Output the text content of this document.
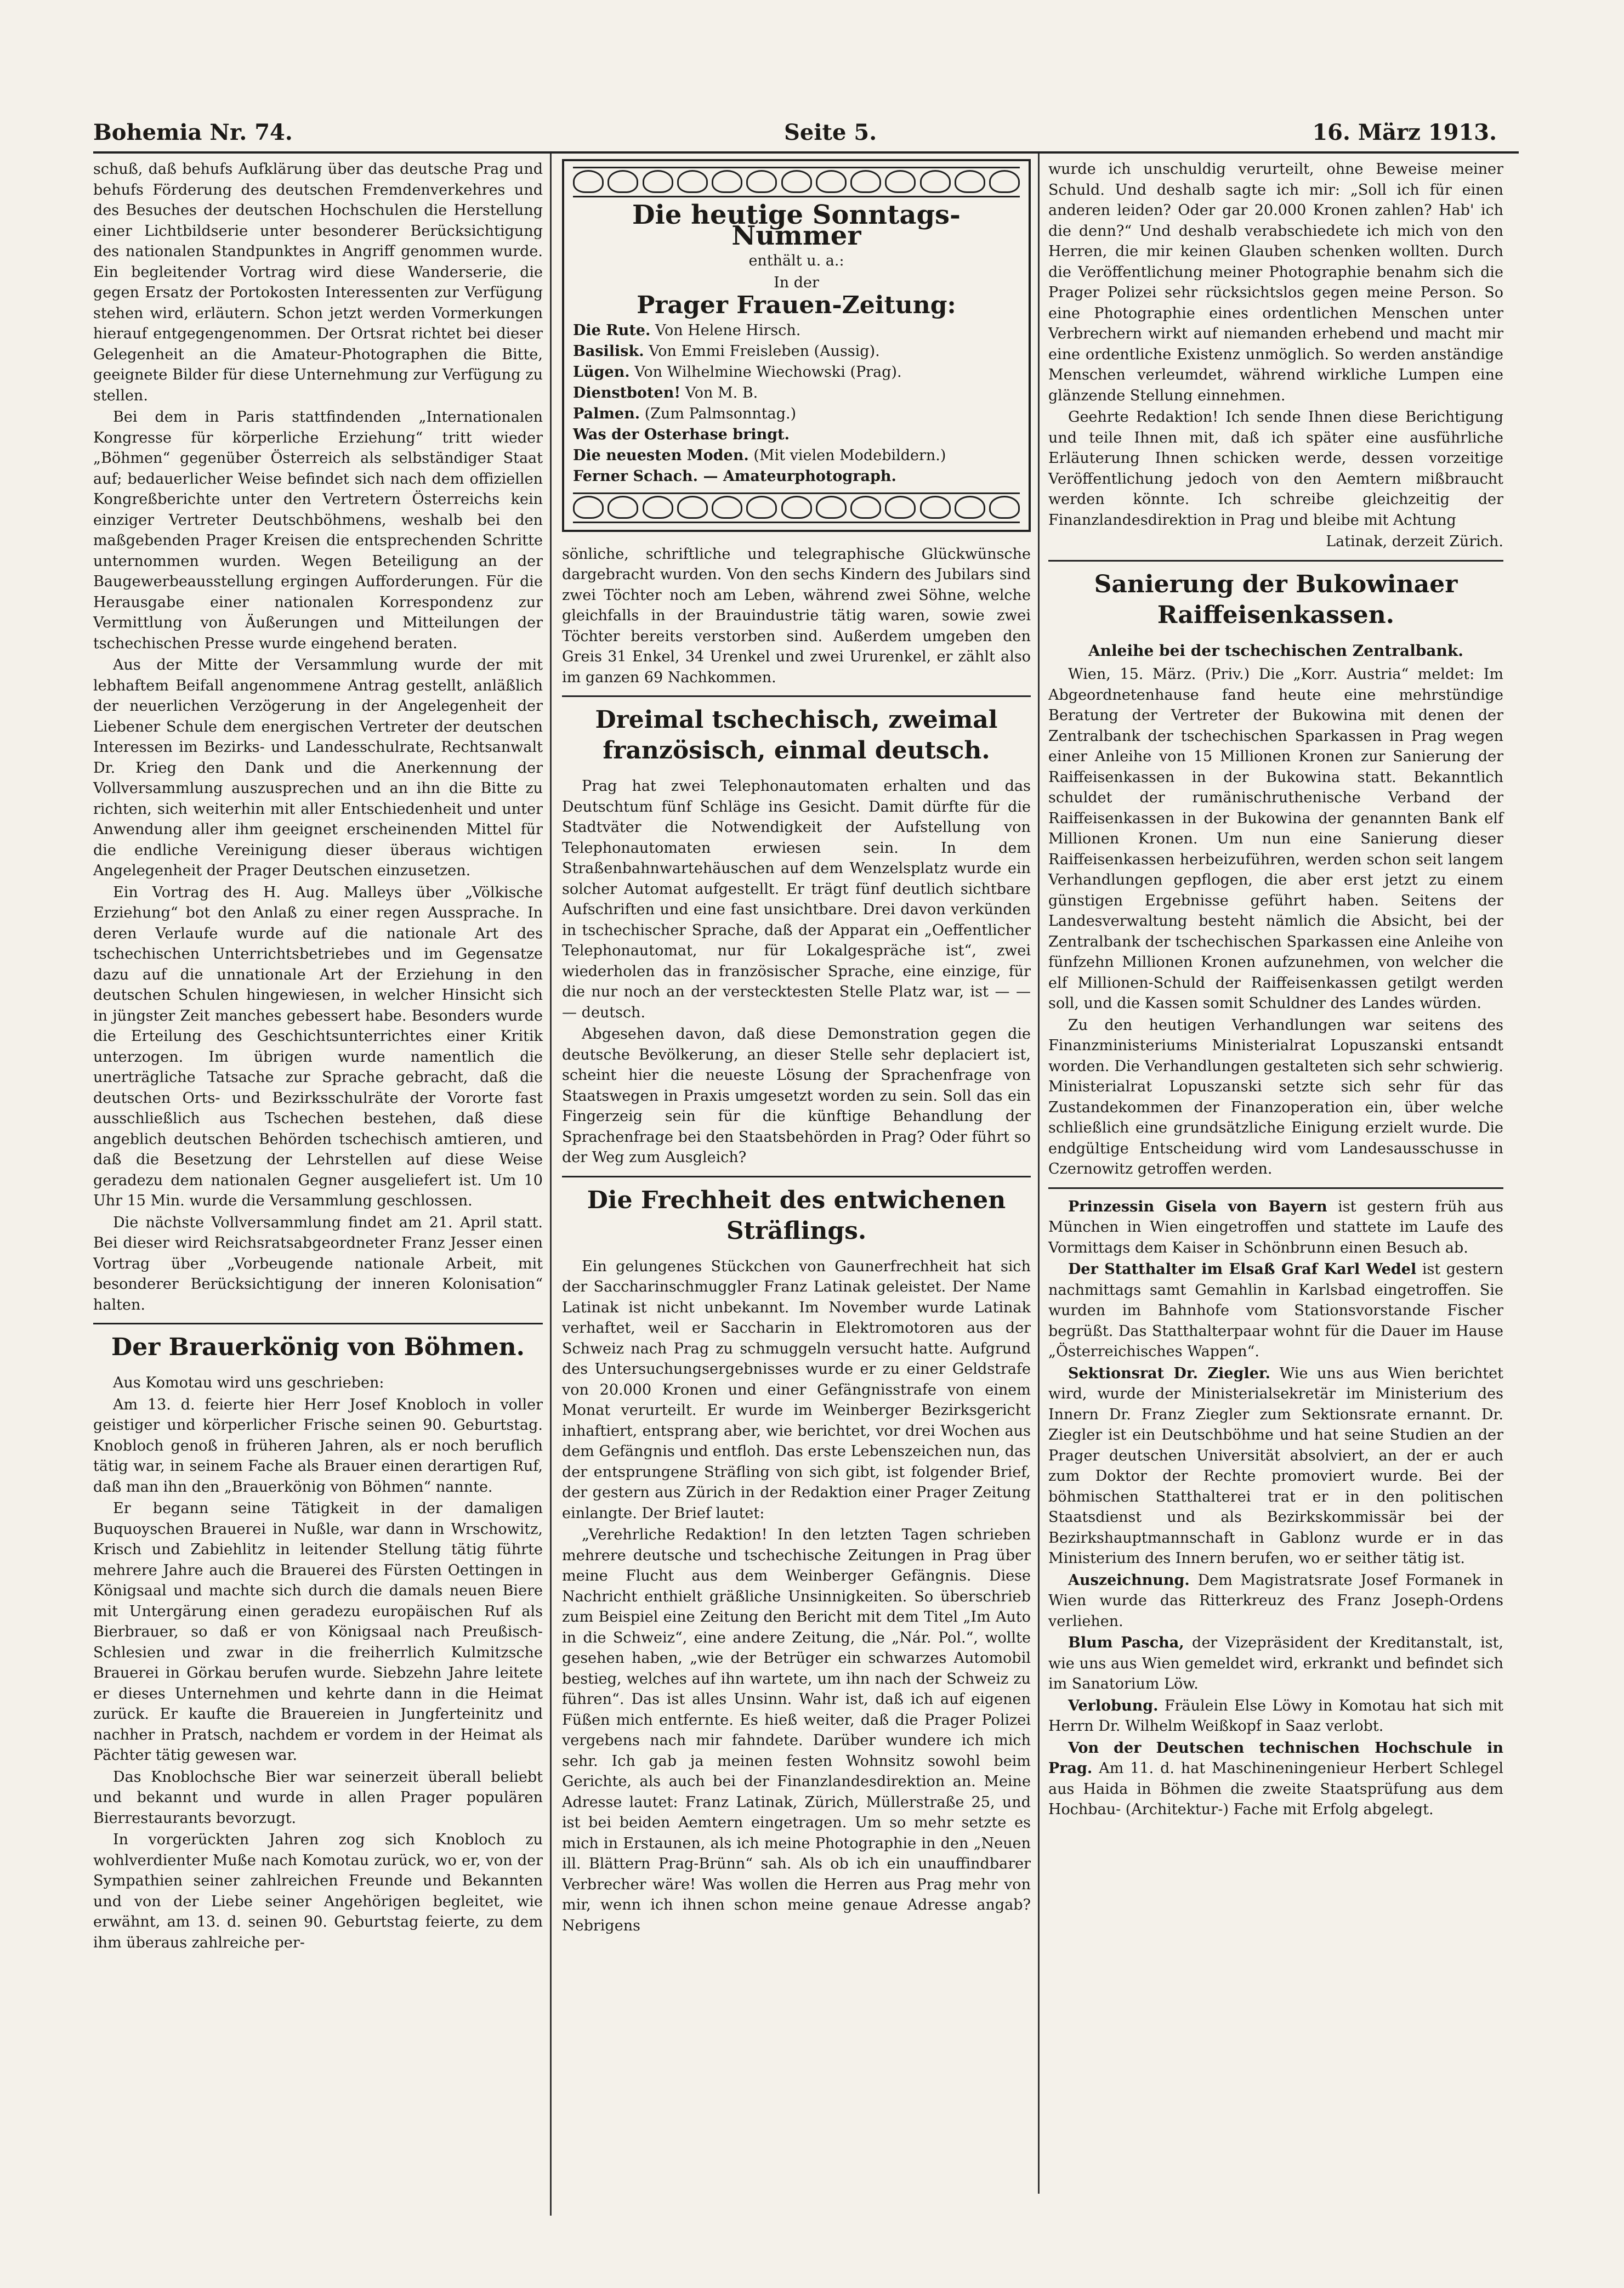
Bohemia Nr. 74.	Seite 5.	16. März 1913.

schuß, daß behufs Aufklärung über das deutsche Prag und behufs Förderung des deutschen Fremdenverkehres und des Besuches der deutschen Hochschulen die Herstellung einer Lichtbildserie unter besonderer Berücksichtigung des nationalen Standpunktes in Angriff genommen wurde. Ein begleitender Vortrag wird diese Wanderserie, die gegen Ersatz der Portokosten Interessenten zur Verfügung stehen wird, erläutern. Schon jetzt werden Vormerkungen hierauf entgegengenommen. Der Ortsrat richtet bei dieser Gelegenheit an die Amateur-Photographen die Bitte, geeignete Bilder für diese Unternehmung zur Verfügung zu stellen.

Bei dem in Paris stattfindenden „Internationalen Kongresse für körperliche Erziehung“ tritt wieder „Böhmen“ gegenüber Österreich als selbständiger Staat auf; bedauerlicher Weise befindet sich nach dem offiziellen Kongreßberichte unter den Vertretern Österreichs kein einziger Vertreter Deutschböhmens, weshalb bei den maßgebenden Prager Kreisen die entsprechenden Schritte unternommen wurden. Wegen Beteiligung an der Baugewerbeausstellung ergingen Aufforderungen. Für die Herausgabe einer nationalen Korrespondenz zur Vermittlung von Äußerungen und Mitteilungen der tschechischen Presse wurde eingehend beraten.

Aus der Mitte der Versammlung wurde der mit lebhaftem Beifall angenommene Antrag gestellt, anläßlich der neuerlichen Verzögerung in der Angelegenheit der Liebener Schule dem energischen Vertreter der deutschen Interessen im Bezirks- und Landesschulrate, Rechtsanwalt Dr. Krieg den Dank und die Anerkennung der Vollversammlung auszusprechen und an ihn die Bitte zu richten, sich weiterhin mit aller Entschiedenheit und unter Anwendung aller ihm geeignet erscheinenden Mittel für die endliche Vereinigung dieser überaus wichtigen Angelegenheit der Prager Deutschen einzusetzen.

Ein Vortrag des H. Aug. Malleys über „Völkische Erziehung“ bot den Anlaß zu einer regen Aussprache. In deren Verlaufe wurde auf die nationale Art des tschechischen Unterrichtsbetriebes und im Gegensatze dazu auf die unnationale Art der Erziehung in den deutschen Schulen hingewiesen, in welcher Hinsicht sich in jüngster Zeit manches gebessert habe. Besonders wurde die Erteilung des Geschichtsunterrichtes einer Kritik unterzogen. Im übrigen wurde namentlich die unerträgliche Tatsache zur Sprache gebracht, daß die deutschen Orts- und Bezirksschulräte der Vororte fast ausschließlich aus Tschechen bestehen, daß diese angeblich deutschen Behörden tschechisch amtieren, und daß die Besetzung der Lehrstellen auf diese Weise geradezu dem nationalen Gegner ausgeliefert ist. Um 10 Uhr 15 Min. wurde die Versammlung geschlossen.

Die nächste Vollversammlung findet am 21. April statt. Bei dieser wird Reichsratsabgeordneter Franz Jesser einen Vortrag über „Vorbeugende nationale Arbeit, mit besonderer Berücksichtigung der inneren Kolonisation“ halten.

Der Brauerkönig von Böhmen.

Aus Komotau wird uns geschrieben:

Am 13. d. feierte hier Herr Josef Knobloch in voller geistiger und körperlicher Frische seinen 90. Geburtstag. Knobloch genoß in früheren Jahren, als er noch beruflich tätig war, in seinem Fache als Brauer einen derartigen Ruf, daß man ihn den „Brauerkönig von Böhmen“ nannte.

Er begann seine Tätigkeit in der damaligen Buquoyschen Brauerei in Nußle, war dann in Wrschowitz, Krisch und Zabiehlitz in leitender Stellung tätig führte mehrere Jahre auch die Brauerei des Fürsten Oettingen in Königsaal und machte sich durch die damals neuen Biere mit Untergärung einen geradezu europäischen Ruf als Bierbrauer, so daß er von Königsaal nach Preußisch-Schlesien und zwar in die freiherrlich Kulmitzsche Brauerei in Görkau berufen wurde. Siebzehn Jahre leitete er dieses Unternehmen und kehrte dann in die Heimat zurück. Er kaufte die Brauereien in Jungferteinitz und nachher in Pratsch, nachdem er vordem in der Heimat als Pächter tätig gewesen war.

Das Knoblochsche Bier war seinerzeit überall beliebt und bekannt und wurde in allen Prager populären Bierrestaurants bevorzugt.

In vorgerückten Jahren zog sich Knobloch zu wohlverdienter Muße nach Komotau zurück, wo er, von der Sympathien seiner zahlreichen Freunde und Bekannten und von der Liebe seiner Angehörigen begleitet, wie erwähnt, am 13. d. seinen 90. Geburtstag feierte, zu dem ihm überaus zahlreiche per-

Die heutige Sonntags-Nummer
enthält u. a.:
In der
Prager Frauen-Zeitung:
Die Rute. Von Helene Hirsch.
Basilisk. Von Emmi Freisleben (Aussig).
Lügen. Von Wilhelmine Wiechowski (Prag).
Dienstboten! Von M. B.
Palmen. (Zum Palmsonntag.)
Was der Osterhase bringt.
Die neuesten Moden. (Mit vielen Modebildern.)
Ferner Schach. — Amateurphotograph.

sönliche, schriftliche und telegraphische Glückwünsche dargebracht wurden. Von den sechs Kindern des Jubilars sind zwei Töchter noch am Leben, während zwei Söhne, welche gleichfalls in der Brauindustrie tätig waren, sowie zwei Töchter bereits verstorben sind. Außerdem umgeben den Greis 31 Enkel, 34 Urenkel und zwei Ururenkel, er zählt also im ganzen 69 Nachkommen.

Dreimal tschechisch, zweimal französisch, einmal deutsch.

Prag hat zwei Telephonautomaten erhalten und das Deutschtum fünf Schläge ins Gesicht. Damit dürfte für die Stadtväter die Notwendigkeit der Aufstellung von Telephonautomaten erwiesen sein. In dem Straßenbahnwartehäuschen auf dem Wenzelsplatz wurde ein solcher Automat aufgestellt. Er trägt fünf deutlich sichtbare Aufschriften und eine fast unsichtbare. Drei davon verkünden in tschechischer Sprache, daß der Apparat ein „Oeffentlicher Telephonautomat, nur für Lokalgespräche ist“, zwei wiederholen das in französischer Sprache, eine einzige, für die nur noch an der verstecktesten Stelle Platz war, ist — — — deutsch.

Abgesehen davon, daß diese Demonstration gegen die deutsche Bevölkerung, an dieser Stelle sehr deplaciert ist, scheint hier die neueste Lösung der Sprachenfrage von Staatswegen in Praxis umgesetzt worden zu sein. Soll das ein Fingerzeig sein für die künftige Behandlung der Sprachenfrage bei den Staatsbehörden in Prag? Oder führt so der Weg zum Ausgleich?

Die Frechheit des entwichenen Sträflings.

Ein gelungenes Stückchen von Gaunerfrechheit hat sich der Saccharinschmuggler Franz Latinak geleistet. Der Name Latinak ist nicht unbekannt. Im November wurde Latinak verhaftet, weil er Saccharin in Elektromotoren aus der Schweiz nach Prag zu schmuggeln versucht hatte. Aufgrund des Untersuchungsergebnisses wurde er zu einer Geldstrafe von 20.000 Kronen und einer Gefängnisstrafe von einem Monat verurteilt. Er wurde im Weinberger Bezirksgericht inhaftiert, entsprang aber, wie berichtet, vor drei Wochen aus dem Gefängnis und entfloh. Das erste Lebenszeichen nun, das der entsprungene Sträfling von sich gibt, ist folgender Brief, der gestern aus Zürich in der Redaktion einer Prager Zeitung einlangte. Der Brief lautet:

„Verehrliche Redaktion! In den letzten Tagen schrieben mehrere deutsche und tschechische Zeitungen in Prag über meine Flucht aus dem Weinberger Gefängnis. Diese Nachricht enthielt gräßliche Unsinnigkeiten. So überschrieb zum Beispiel eine Zeitung den Bericht mit dem Titel „Im Auto in die Schweiz“, eine andere Zeitung, die „Nár. Pol.“, wollte gesehen haben, „wie der Betrüger ein schwarzes Automobil bestieg, welches auf ihn wartete, um ihn nach der Schweiz zu führen“. Das ist alles Unsinn. Wahr ist, daß ich auf eigenen Füßen mich entfernte. Es hieß weiter, daß die Prager Polizei vergebens nach mir fahndete. Darüber wundere ich mich sehr. Ich gab ja meinen festen Wohnsitz sowohl beim Gerichte, als auch bei der Finanzlandesdirektion an. Meine Adresse lautet: Franz Latinak, Zürich, Müllerstraße 25, und ist bei beiden Aemtern eingetragen. Um so mehr setzte es mich in Erstaunen, als ich meine Photographie in den „Neuen ill. Blättern Prag-Brünn“ sah. Als ob ich ein unauffindbarer Verbrecher wäre! Was wollen die Herren aus Prag mehr von mir, wenn ich ihnen schon meine genaue Adresse angab? Nebrigens

wurde ich unschuldig verurteilt, ohne Beweise meiner Schuld. Und deshalb sagte ich mir: „Soll ich für einen anderen leiden? Oder gar 20.000 Kronen zahlen? Hab' ich die denn?“ Und deshalb verabschiedete ich mich von den Herren, die mir keinen Glauben schenken wollten. Durch die Veröffentlichung meiner Photographie benahm sich die Prager Polizei sehr rücksichtslos gegen meine Person. So eine Photographie eines ordentlichen Menschen unter Verbrechern wirkt auf niemanden erhebend und macht mir eine ordentliche Existenz unmöglich. So werden anständige Menschen verleumdet, während wirkliche Lumpen eine glänzende Stellung einnehmen.

Geehrte Redaktion! Ich sende Ihnen diese Berichtigung und teile Ihnen mit, daß ich später eine ausführliche Erläuterung Ihnen schicken werde, dessen vorzeitige Veröffentlichung jedoch von den Aemtern mißbraucht werden könnte. Ich schreibe gleichzeitig der Finanzlandesdirektion in Prag und bleibe mit Achtung

Latinak, derzeit Zürich.

Sanierung der Bukowinaer Raiffeisenkassen.
Anleihe bei der tschechischen Zentralbank.

Wien, 15. März. (Priv.) Die „Korr. Austria“ meldet: Im Abgeordnetenhause fand heute eine mehrstündige Beratung der Vertreter der Bukowina mit denen der Zentralbank der tschechischen Sparkassen in Prag wegen einer Anleihe von 15 Millionen Kronen zur Sanierung der Raiffeisenkassen in der Bukowina statt. Bekanntlich schuldet der rumänischruthenische Verband der Raiffeisenkassen in der Bukowina der genannten Bank elf Millionen Kronen. Um nun eine Sanierung dieser Raiffeisenkassen herbeizuführen, werden schon seit langem Verhandlungen gepflogen, die aber erst jetzt zu einem günstigen Ergebnisse geführt haben. Seitens der Landesverwaltung besteht nämlich die Absicht, bei der Zentralbank der tschechischen Sparkassen eine Anleihe von fünfzehn Millionen Kronen aufzunehmen, von welcher die elf Millionen-Schuld der Raiffeisenkassen getilgt werden soll, und die Kassen somit Schuldner des Landes würden.

Zu den heutigen Verhandlungen war seitens des Finanzministeriums Ministerialrat Lopuszanski entsandt worden. Die Verhandlungen gestalteten sich sehr schwierig. Ministerialrat Lopuszanski setzte sich sehr für das Zustandekommen der Finanzoperation ein, über welche schließlich eine grundsätzliche Einigung erzielt wurde. Die endgültige Entscheidung wird vom Landesausschusse in Czernowitz getroffen werden.

Prinzessin Gisela von Bayern ist gestern früh aus München in Wien eingetroffen und stattete im Laufe des Vormittags dem Kaiser in Schönbrunn einen Besuch ab.

Der Statthalter im Elsaß Graf Karl Wedel ist gestern nachmittags samt Gemahlin in Karlsbad eingetroffen. Sie wurden im Bahnhofe vom Stationsvorstande Fischer begrüßt. Das Statthalterpaar wohnt für die Dauer im Hause „Österreichisches Wappen“.

Sektionsrat Dr. Ziegler. Wie uns aus Wien berichtet wird, wurde der Ministerialsekretär im Ministerium des Innern Dr. Franz Ziegler zum Sektionsrate ernannt. Dr. Ziegler ist ein Deutschböhme und hat seine Studien an der Prager deutschen Universität absolviert, an der er auch zum Doktor der Rechte promoviert wurde. Bei der böhmischen Statthalterei trat er in den politischen Staatsdienst und als Bezirkskommissär bei der Bezirkshauptmannschaft in Gablonz wurde er in das Ministerium des Innern berufen, wo er seither tätig ist.

Auszeichnung. Dem Magistratsrate Josef Formanek in Wien wurde das Ritterkreuz des Franz Joseph-Ordens verliehen.

Blum Pascha, der Vizepräsident der Kreditanstalt, ist, wie uns aus Wien gemeldet wird, erkrankt und befindet sich im Sanatorium Löw.

Verlobung. Fräulein Else Löwy in Komotau hat sich mit Herrn Dr. Wilhelm Weißkopf in Saaz verlobt.

Von der Deutschen technischen Hochschule in Prag. Am 11. d. hat Maschineningenieur Herbert Schlegel aus Haida in Böhmen die zweite Staatsprüfung aus dem Hochbau- (Architektur-) Fache mit Erfolg abgelegt.
